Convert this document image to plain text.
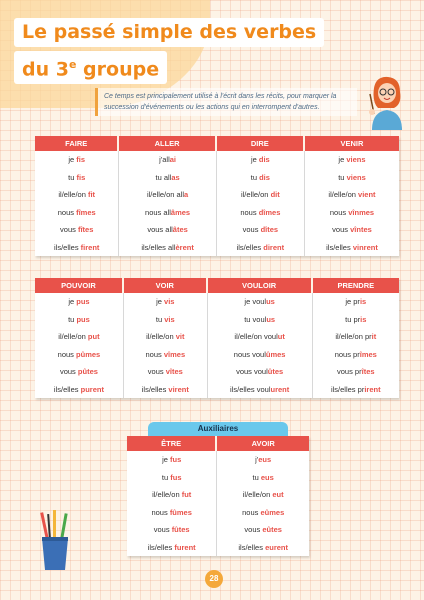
Le passé simple des verbes
du 3e groupe
Ce temps est principalement utilisé à l'écrit dans les récits, pour marquer la succession d'événements ou les actions qui en interrompent d'autres.
FAIRE	ALLER	DIRE	VENIR
je fis	j'allai	je dis	je viens
tu fis	tu allas	tu dis	tu viens
il/elle/on fit	il/elle/on alla	il/elle/on dit	il/elle/on vient
nous fîmes	nous allâmes	nous dîmes	nous vînmes
vous fîtes	vous allâtes	vous dîtes	vous vîntes
ils/elles firent	ils/elles allèrent	ils/elles dirent	ils/elles vinrent
POUVOIR	VOIR	VOULOIR	PRENDRE
je pus	je vis	je voulus	je pris
tu pus	tu vis	tu voulus	tu pris
il/elle/on put	il/elle/on vit	il/elle/on voulut	il/elle/on prit
nous pûmes	nous vîmes	nous voulûmes	nous prîmes
vous pûtes	vous vîtes	vous voulûtes	vous prîtes
ils/elles purent	ils/elles virent	ils/elles voulurent	ils/elles prirent
Auxiliaires
ÊTRE	AVOIR
je fus	j'eus
tu fus	tu eus
il/elle/on fut	il/elle/on eut
nous fûmes	nous eûmes
vous fûtes	vous eûtes
ils/elles furent	ils/elles eurent
28
